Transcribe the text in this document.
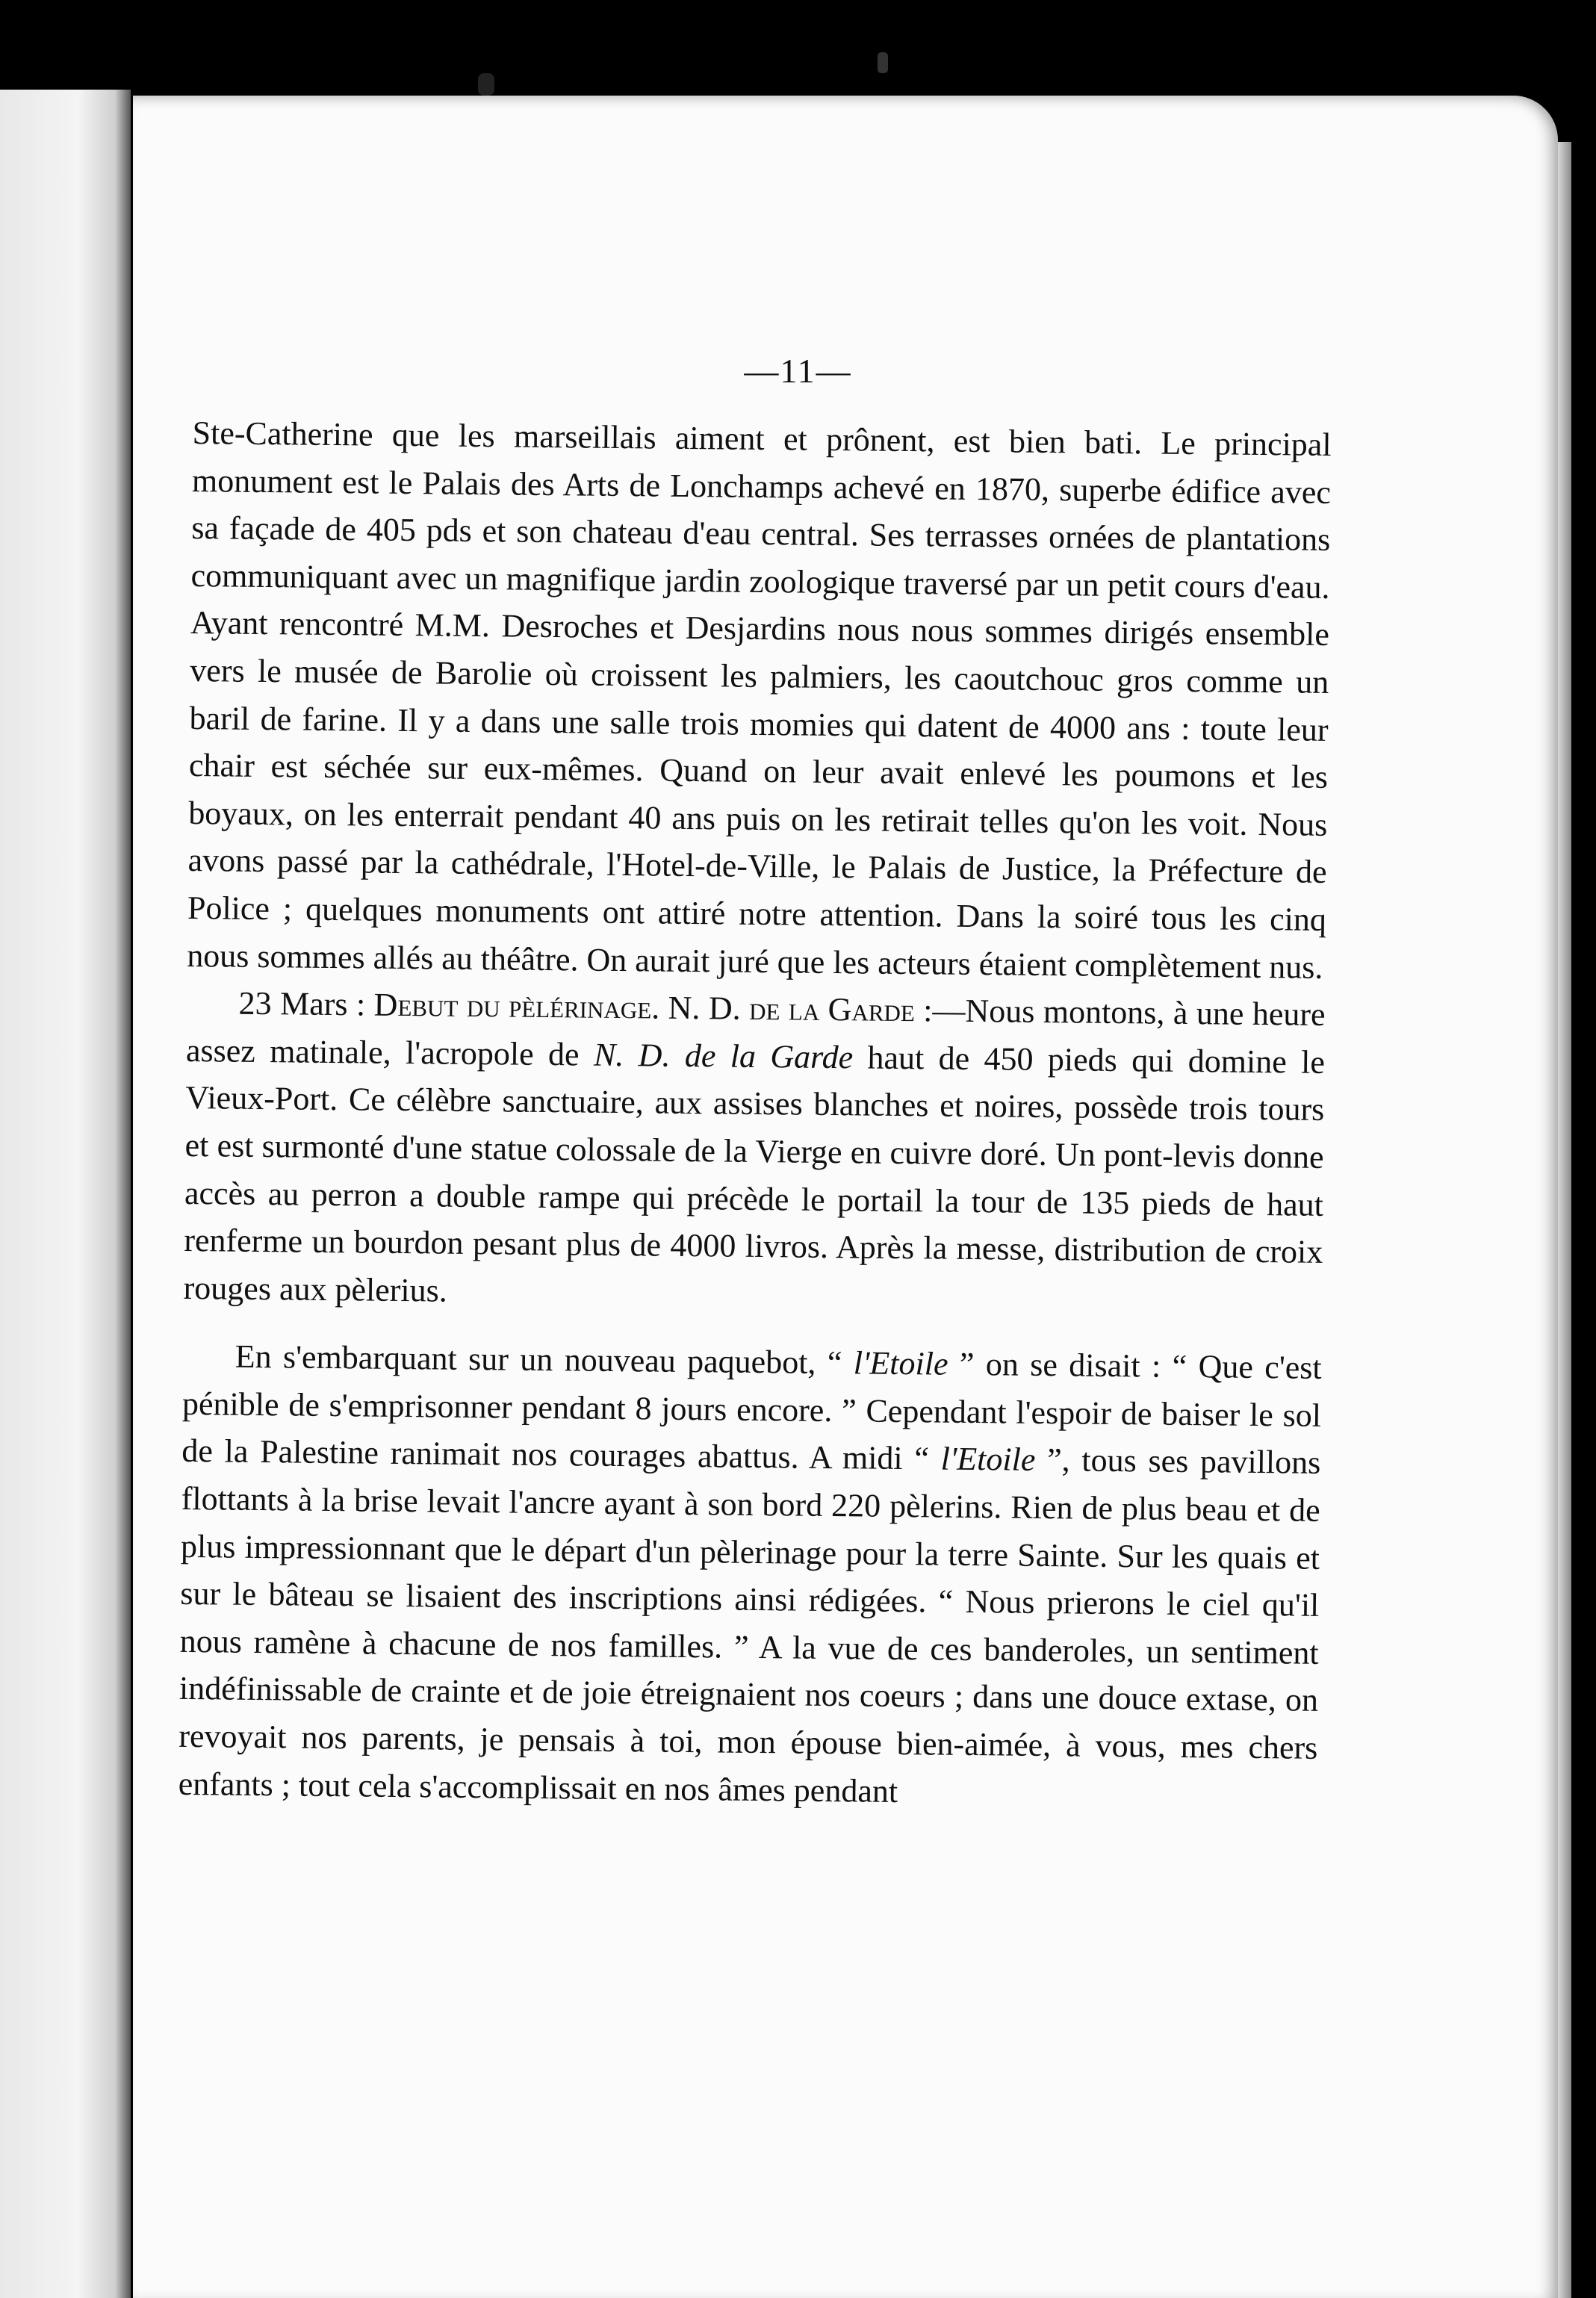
—11—

Ste-Catherine que les marseillais aiment et prônent, est bien bati. Le principal monument est le Palais des Arts de Lonchamps achevé en 1870, superbe édifice avec sa façade de 405 pds et son chateau d'eau central. Ses terrasses ornées de plantations communiquant avec un magnifique jardin zoologique traversé par un petit cours d'eau. Ayant rencontré M.M. Desroches et Desjardins nous nous sommes dirigés ensemble vers le musée de Barolie où croissent les palmiers, les caoutchouc gros comme un baril de farine. Il y a dans une salle trois momies qui datent de 4000 ans : toute leur chair est séchée sur eux-mêmes. Quand on leur avait enlevé les poumons et les boyaux, on les enterrait pendant 40 ans puis on les retirait telles qu'on les voit. Nous avons passé par la cathédrale, l'Hotel-de-Ville, le Palais de Justice, la Préfecture de Police ; quelques monuments ont attiré notre attention. Dans la soiré tous les cinq nous sommes allés au théâtre. On aurait juré que les acteurs étaient complètement nus.

23 Mars : Debut du pèlérinage. N. D. de la Garde :—Nous montons, à une heure assez matinale, l'acropole de N. D. de la Garde haut de 450 pieds qui domine le Vieux-Port. Ce célèbre sanctuaire, aux assises blanches et noires, possède trois tours et est surmonté d'une statue colossale de la Vierge en cuivre doré. Un pont-levis donne accès au perron a double rampe qui précède le portail la tour de 135 pieds de haut renferme un bourdon pesant plus de 4000 livros. Après la messe, distribution de croix rouges aux pèlerius.

En s'embarquant sur un nouveau paquebot, “ l'Etoile ” on se disait : “ Que c'est pénible de s'emprisonner pendant 8 jours encore. ” Cependant l'espoir de baiser le sol de la Palestine ranimait nos courages abattus. A midi “ l'Etoile ”, tous ses pavillons flottants à la brise levait l'ancre ayant à son bord 220 pèlerins. Rien de plus beau et de plus impressionnant que le départ d'un pèlerinage pour la terre Sainte. Sur les quais et sur le bâteau se lisaient des inscriptions ainsi rédigées. “ Nous prierons le ciel qu'il nous ramène à chacune de nos familles. ” A la vue de ces banderoles, un sentiment indéfinissable de crainte et de joie étreignaient nos coeurs ; dans une douce extase, on revoyait nos parents, je pensais à toi, mon épouse bien-aimée, à vous, mes chers enfants ; tout cela s'accomplissait en nos âmes pendant
